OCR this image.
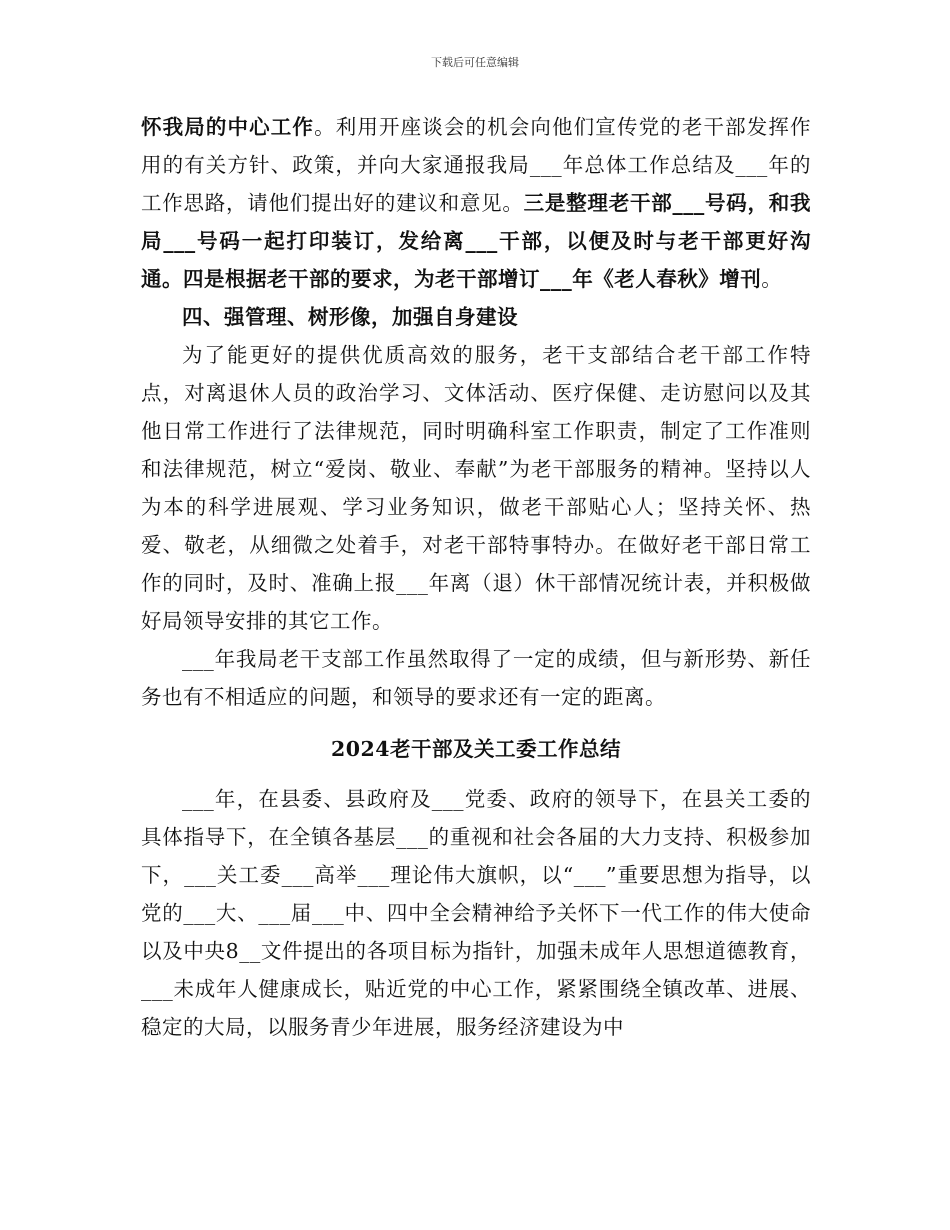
下载后可任意编辑

怀我局的中心工作。利用开座谈会的机会向他们宣传党的老干部发挥作用的有关方针、政策，并向大家通报我局___年总体工作总结及___年的工作思路，请他们提出好的建议和意见。三是整理老干部___号码，和我局___号码一起打印装订，发给离___干部，以便及时与老干部更好沟通。四是根据老干部的要求，为老干部增订___年《老人春秋》增刊。

四、强管理、树形像，加强自身建设

为了能更好的提供优质高效的服务，老干支部结合老干部工作特点，对离退休人员的政治学习、文体活动、医疗保健、走访慰问以及其他日常工作进行了法律规范，同时明确科室工作职责，制定了工作准则和法律规范，树立“爱岗、敬业、奉献”为老干部服务的精神。坚持以人为本的科学进展观、学习业务知识，做老干部贴心人；坚持关怀、热爱、敬老，从细微之处着手，对老干部特事特办。在做好老干部日常工作的同时，及时、准确上报___年离（退）休干部情况统计表，并积极做好局领导安排的其它工作。

___年我局老干支部工作虽然取得了一定的成绩，但与新形势、新任务也有不相适应的问题，和领导的要求还有一定的距离。

2024老干部及关工委工作总结

___年，在县委、县政府及___党委、政府的领导下，在县关工委的具体指导下，在全镇各基层___的重视和社会各届的大力支持、积极参加下，___关工委___高举___理论伟大旗帜，以“___”重要思想为指导，以党的___大、___届___中、四中全会精神给予关怀下一代工作的伟大使命以及中央8__文件提出的各项目标为指针，加强未成年人思想道德教育，___未成年人健康成长，贴近党的中心工作，紧紧围绕全镇改革、进展、稳定的大局，以服务青少年进展，服务经济建设为中
